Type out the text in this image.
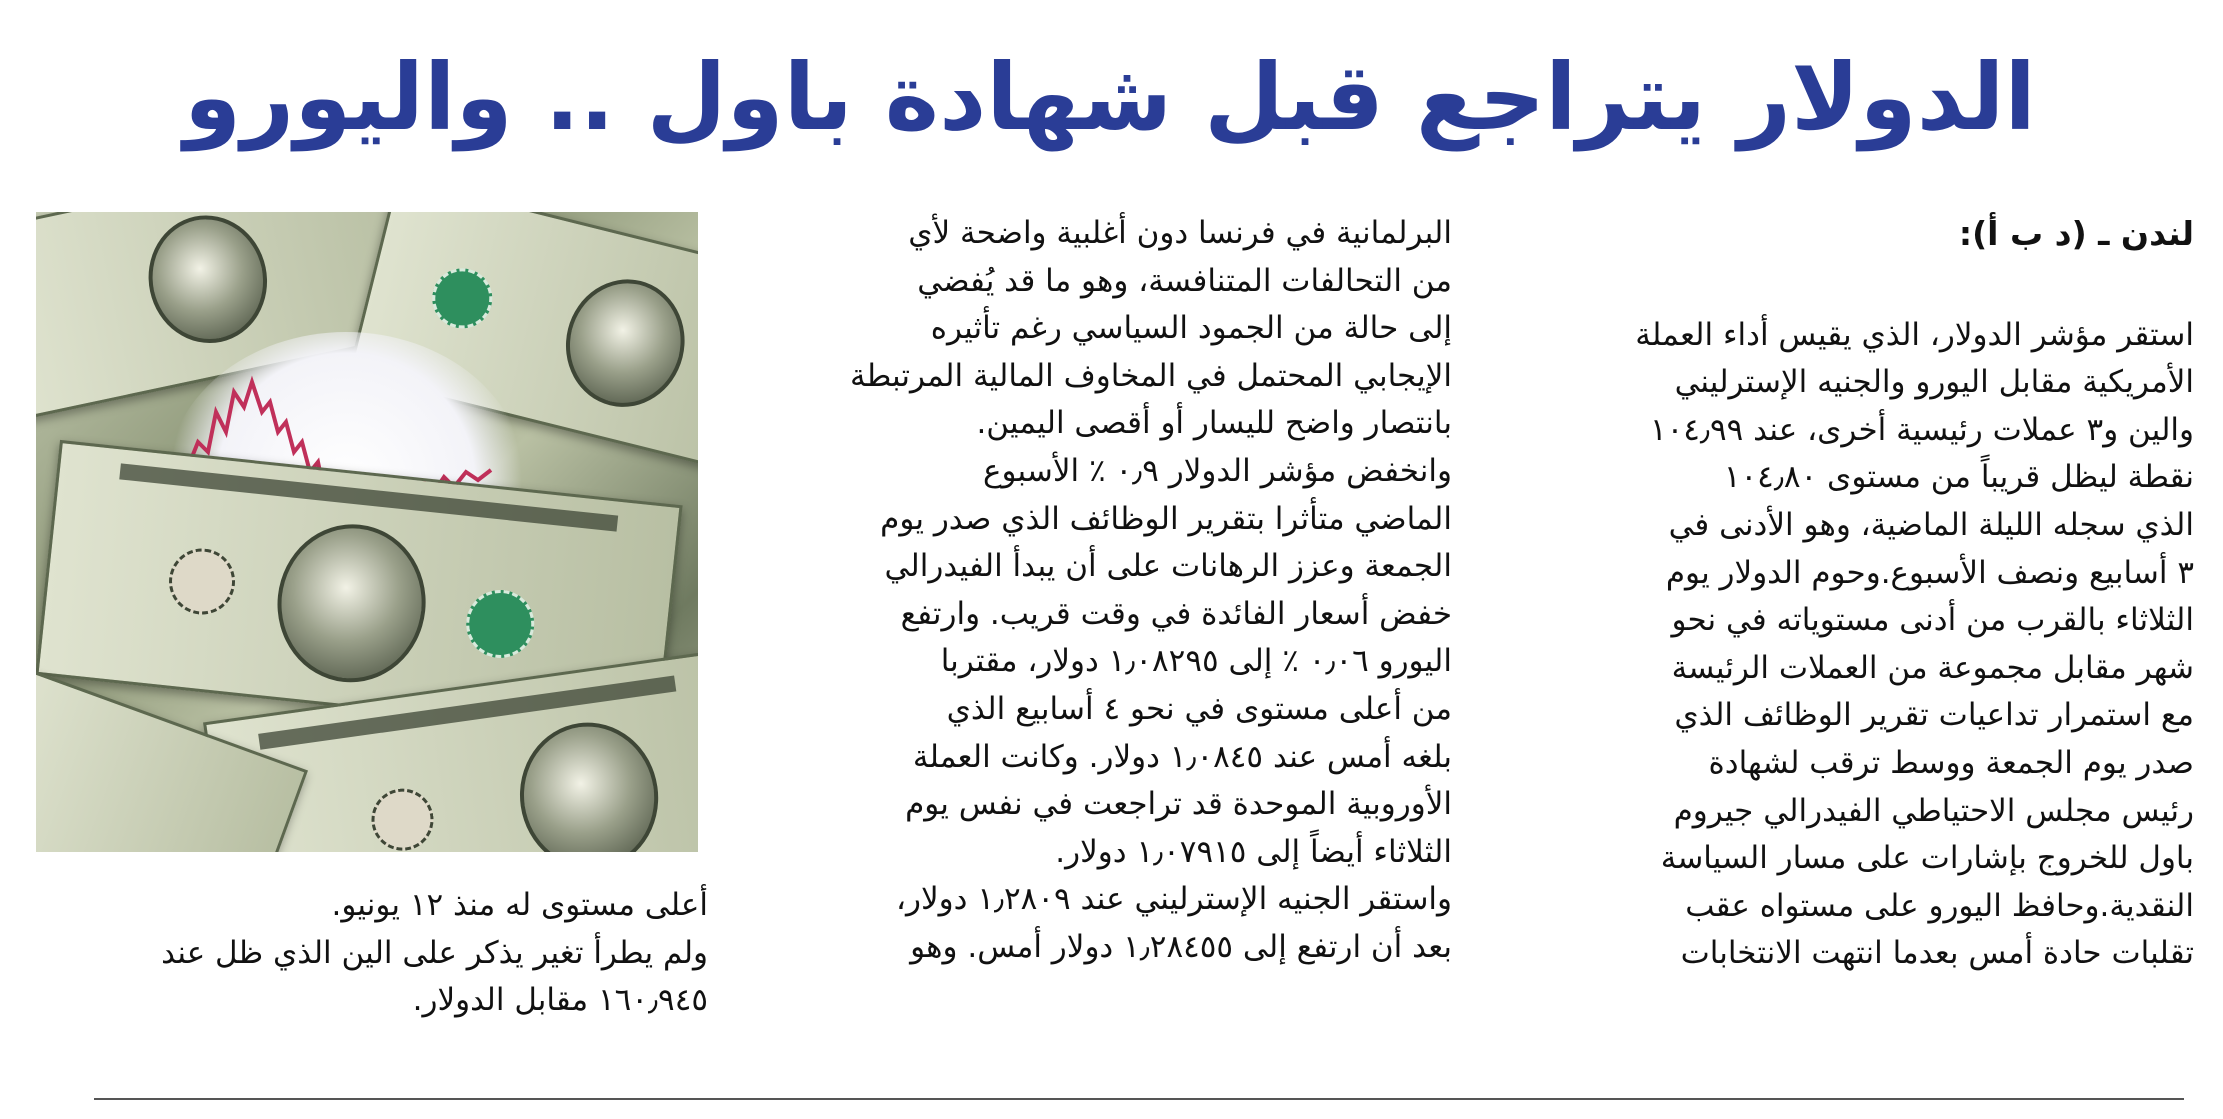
الدولار يتراجع قبل شهادة باول .. واليورو

لندن ـ (د ب أ):

استقر مؤشر الدولار، الذي يقيس أداء العملة

الأمريكية مقابل اليورو والجنيه الإسترليني

والين و٣ عملات رئيسية أخرى، عند ١٠٤٫٩٩

نقطة ليظل قريباً من مستوى ١٠٤٫٨٠

الذي سجله الليلة الماضية، وهو الأدنى في

٣ أسابيع ونصف الأسبوع.وحوم الدولار يوم

الثلاثاء بالقرب من أدنى مستوياته في نحو

شهر مقابل مجموعة من العملات الرئيسة

مع استمرار تداعيات تقرير الوظائف الذي

صدر يوم الجمعة ووسط ترقب لشهادة

رئيس مجلس الاحتياطي الفيدرالي جيروم

باول للخروج بإشارات على مسار السياسة

النقدية.وحافظ اليورو على مستواه عقب

تقلبات حادة أمس بعدما انتهت الانتخابات

البرلمانية في فرنسا دون أغلبية واضحة لأي

من التحالفات المتنافسة، وهو ما قد يُفضي

إلى حالة من الجمود السياسي رغم تأثيره

الإيجابي المحتمل في المخاوف المالية المرتبطة

بانتصار واضح لليسار أو أقصى اليمين.

وانخفض مؤشر الدولار ٠٫٩ ٪ الأسبوع

الماضي متأثرا بتقرير الوظائف الذي صدر يوم

الجمعة وعزز الرهانات على أن يبدأ الفيدرالي

خفض أسعار الفائدة في وقت قريب. وارتفع

اليورو ٠٫٠٦ ٪ إلى ١٫٠٨٢٩٥ دولار، مقتربا

من أعلى مستوى في نحو ٤ أسابيع الذي

بلغه أمس عند ١٫٠٨٤٥ دولار. وكانت العملة

الأوروبية الموحدة قد تراجعت في نفس يوم

الثلاثاء أيضاً إلى ١٫٠٧٩١٥ دولار.

واستقر الجنيه الإسترليني عند ١٫٢٨٠٩ دولار،

بعد أن ارتفع إلى ١٫٢٨٤٥٥ دولار أمس. وهو

أعلى مستوى له منذ ١٢ يونيو.

ولم يطرأ تغير يذكر على الين الذي ظل عند

١٦٠٫٩٤٥ مقابل الدولار.
